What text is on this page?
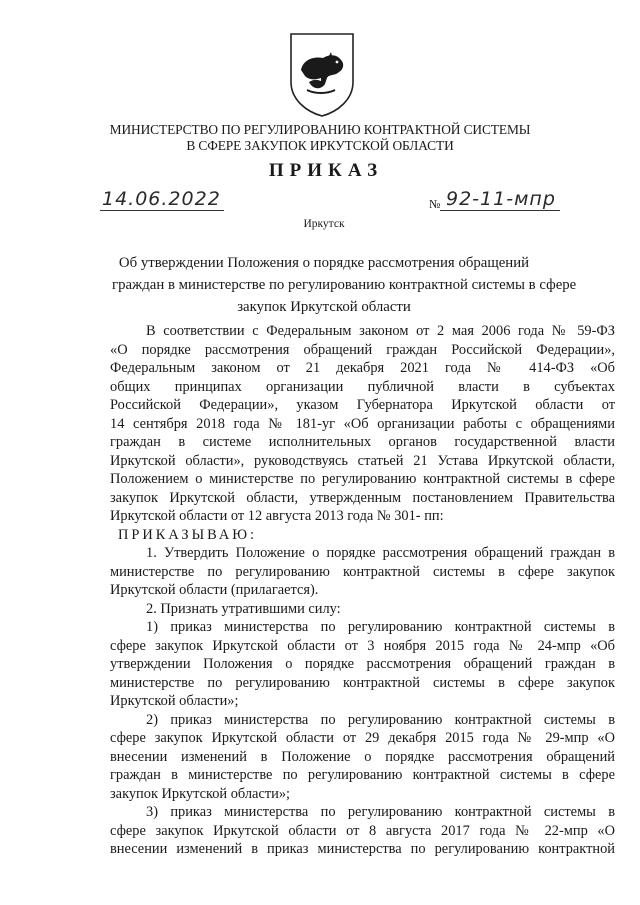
МИНИСТЕРСТВО ПО РЕГУЛИРОВАНИЮ КОНТРАКТНОЙ СИСТЕМЫ
В СФЕРЕ ЗАКУПОК ИРКУТСКОЙ ОБЛАСТИ
ПРИКАЗ
14.06.2022	№ 92-11-мпр
Иркутск
Об утверждении Положения о порядке рассмотрения обращений
граждан в министерстве по регулированию контрактной системы в сфере
закупок Иркутской области
В соответствии с Федеральным законом от 2 мая 2006 года № 59-ФЗ
«О порядке рассмотрения обращений граждан Российской Федерации»,
Федеральным законом от 21 декабря 2021 года № 414-ФЗ «Об
общих принципах организации публичной власти в субъектах
Российской Федерации», указом Губернатора Иркутской области от
14 сентября 2018 года № 181-уг «Об организации работы с обращениями
граждан в системе исполнительных органов государственной власти
Иркутской области», руководствуясь статьей 21 Устава Иркутской области,
Положением о министерстве по регулированию контрактной системы в сфере
закупок Иркутской области, утвержденным постановлением Правительства
Иркутской области от 12 августа 2013 года № 301- пп:
ПРИКАЗЫВАЮ:
1. Утвердить Положение о порядке рассмотрения обращений граждан в
министерстве по регулированию контрактной системы в сфере закупок
Иркутской области (прилагается).
2. Признать утратившими силу:
1) приказ министерства по регулированию контрактной системы в
сфере закупок Иркутской области от 3 ноября 2015 года № 24-мпр «Об
утверждении Положения о порядке рассмотрения обращений граждан в
министерстве по регулированию контрактной системы в сфере закупок
Иркутской области»;
2) приказ министерства по регулированию контрактной системы в
сфере закупок Иркутской области от 29 декабря 2015 года № 29-мпр «О
внесении изменений в Положение о порядке рассмотрения обращений
граждан в министерстве по регулированию контрактной системы в сфере
закупок Иркутской области»;
3) приказ министерства по регулированию контрактной системы в
сфере закупок Иркутской области от 8 августа 2017 года № 22-мпр «О
внесении изменений в приказ министерства по регулированию контрактной
